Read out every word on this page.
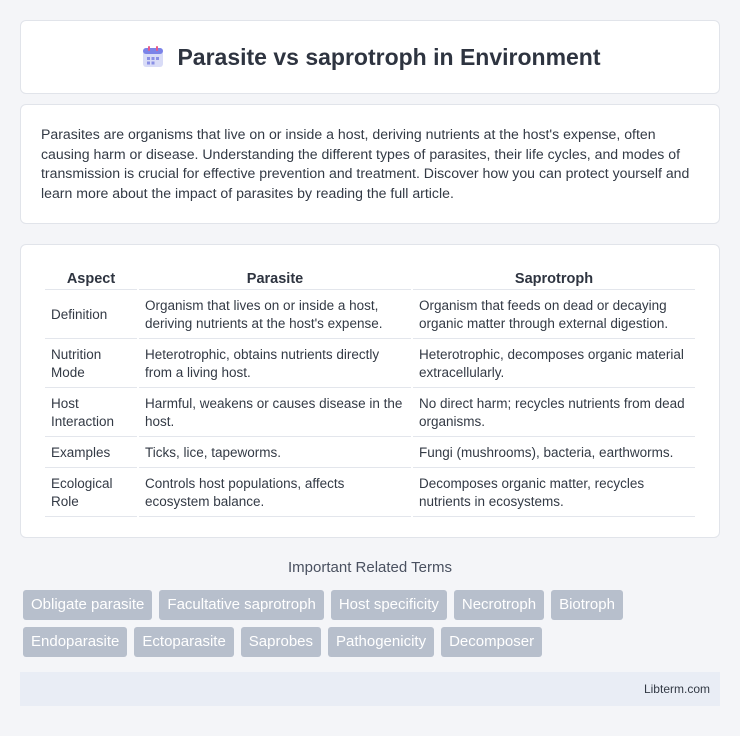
Parasite vs saprotroph in Environment

Parasites are organisms that live on or inside a host, deriving nutrients at the host's expense, often causing harm or disease. Understanding the different types of parasites, their life cycles, and modes of transmission is crucial for effective prevention and treatment. Discover how you can protect yourself and learn more about the impact of parasites by reading the full article.

Aspect	Parasite	Saprotroph
Definition	Organism that lives on or inside a host, deriving nutrients at the host's expense.	Organism that feeds on dead or decaying organic matter through external digestion.
Nutrition Mode	Heterotrophic, obtains nutrients directly from a living host.	Heterotrophic, decomposes organic material extracellularly.
Host Interaction	Harmful, weakens or causes disease in the host.	No direct harm; recycles nutrients from dead organisms.
Examples	Ticks, lice, tapeworms.	Fungi (mushrooms), bacteria, earthworms.
Ecological Role	Controls host populations, affects ecosystem balance.	Decomposes organic matter, recycles nutrients in ecosystems.
Important Related Terms
Obligate parasite	Facultative saprotroph	Host specificity	Necrotroph	Biotroph
Endoparasite	Ectoparasite	Saprobes	Pathogenicity	Decomposer
Libterm.com
